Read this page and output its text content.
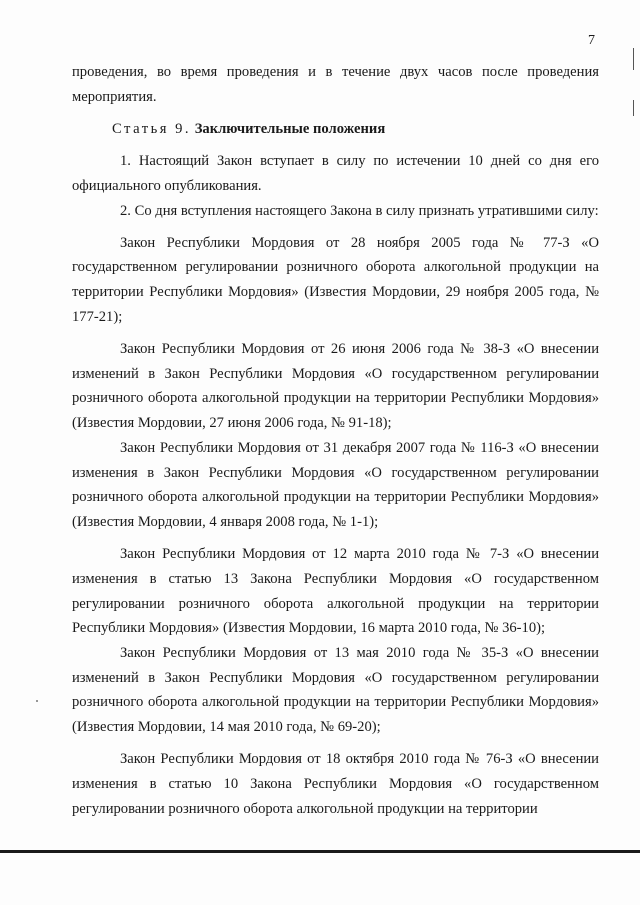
7

проведения, во время проведения и в течение двух часов после проведения мероприятия.

Статья 9. Заключительные положения

1. Настоящий Закон вступает в силу по истечении 10 дней со дня его официального опубликования.

2. Со дня вступления настоящего Закона в силу признать утратившими силу:

Закон Республики Мордовия от 28 ноября 2005 года № 77-З «О государственном регулировании розничного оборота алкогольной продукции на территории Республики Мордовия» (Известия Мордовии, 29 ноября 2005 года, № 177-21);

Закон Республики Мордовия от 26 июня 2006 года № 38-З «О внесении изменений в Закон Республики Мордовия «О государственном регулировании розничного оборота алкогольной продукции на территории Республики Мордовия» (Известия Мордовии, 27 июня 2006 года, № 91-18);

Закон Республики Мордовия от 31 декабря 2007 года № 116-З «О внесении изменения в Закон Республики Мордовия «О государственном регулировании розничного оборота алкогольной продукции на территории Республики Мордовия» (Известия Мордовии, 4 января 2008 года, № 1-1);

Закон Республики Мордовия от 12 марта 2010 года № 7-З «О внесении изменения в статью 13 Закона Республики Мордовия «О государственном регулировании розничного оборота алкогольной продукции на территории Республики Мордовия» (Известия Мордовии, 16 марта 2010 года, № 36-10);

Закон Республики Мордовия от 13 мая 2010 года № 35-З «О внесении изменений в Закон Республики Мордовия «О государственном регулировании розничного оборота алкогольной продукции на территории Республики Мордовия» (Известия Мордовии, 14 мая 2010 года, № 69-20);

Закон Республики Мордовия от 18 октября 2010 года № 76-З «О внесении изменения в статью 10 Закона Республики Мордовия «О государственном регулировании розничного оборота алкогольной продукции на территории
